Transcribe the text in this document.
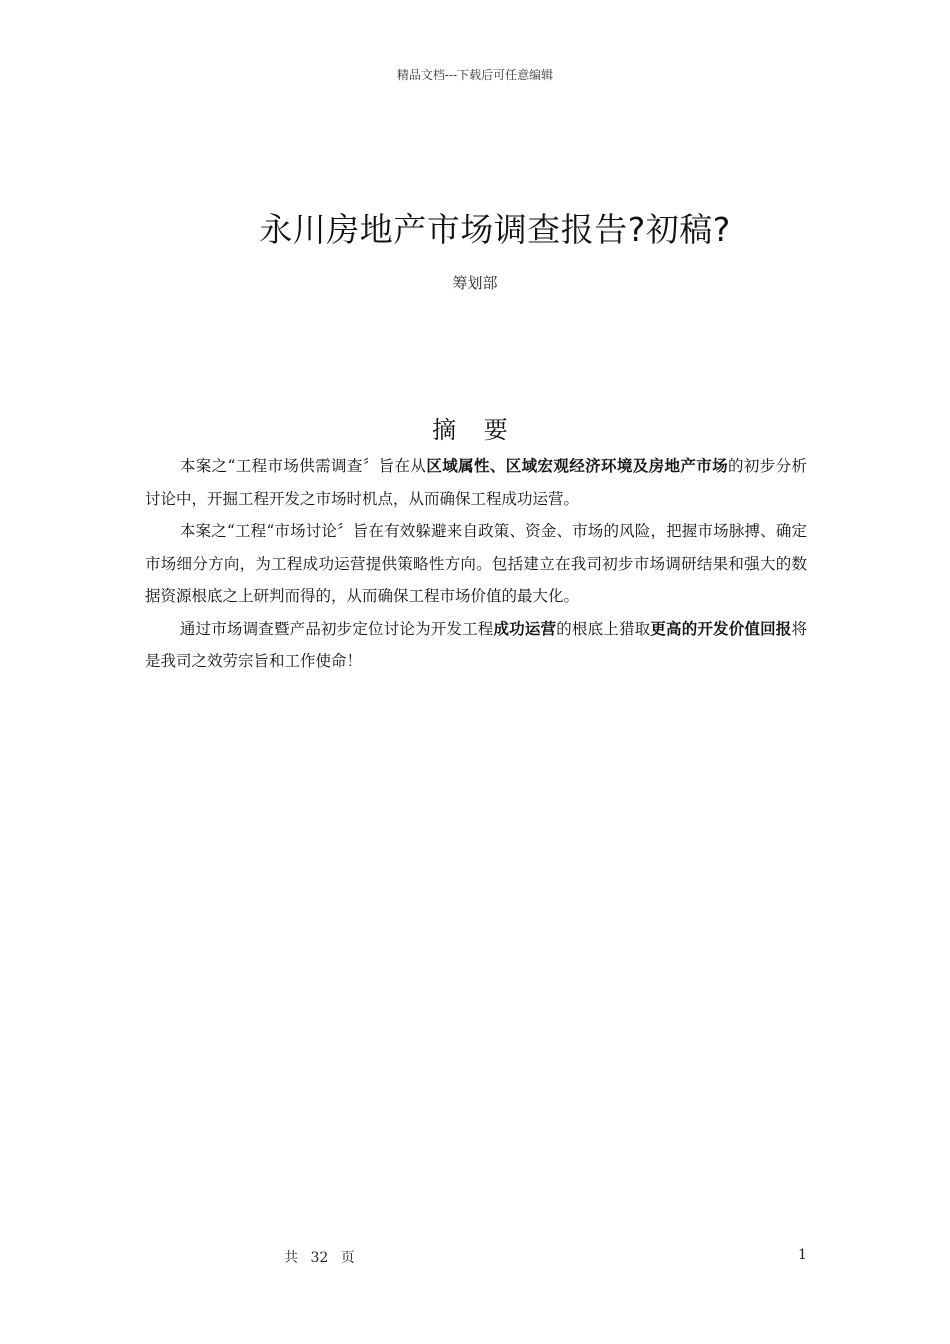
精品文档---下载后可任意编辑
永川房地产市场调查报告?初稿?
筹划部
摘 要

本案之“工程市场供需调查〞旨在从区域属性、区域宏观经济环境及房地产市场的初步分析讨论中，开掘工程开发之市场时机点，从而确保工程成功运营。

本案之“工程“市场讨论〞旨在有效躲避来自政策、资金、市场的风险，把握市场脉搏、确定市场细分方向，为工程成功运营提供策略性方向。包括建立在我司初步市场调研结果和强大的数据资源根底之上研判而得的，从而确保工程市场价值的最大化。

通过市场调查暨产品初步定位讨论为开发工程成功运营的根底上猎取更高的开发价值回报将是我司之效劳宗旨和工作使命！

共 32 页	1
